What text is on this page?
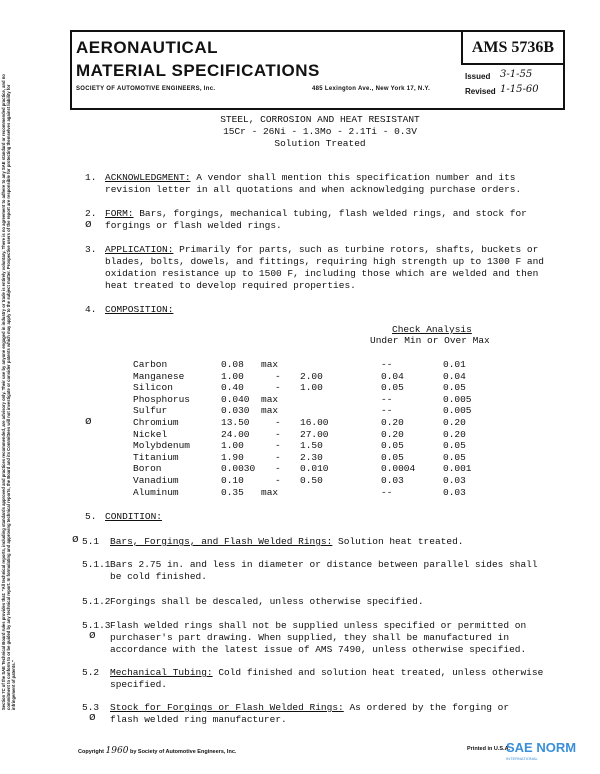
Section 7C of the SAE Technical Board rules provides that: "All technical reports, including standards approved and practices recommended, are advisory only. Their use by anyone engaged in industry or trade is entirely voluntary. There is no agreement to adhere to any SAE standard or recommended practice, and no commitment to conform to or be guided by any technical report. In formulating and approving technical reports, the Board and its Committees will not investigate or consider patents which may apply to the subject matter. Prospective users of the report are responsible for protecting themselves against liability for infringement of patents."
AERONAUTICAL
MATERIAL SPECIFICATIONS
AMS 5736B
SOCIETY OF AUTOMOTIVE ENGINEERS, Inc.	485 Lexington Ave., New York 17, N.Y.
Issued 3-1-55
Revised 1-15-60
STEEL, CORROSION AND HEAT RESISTANT
15Cr - 26Ni - 1.3Mo - 2.1Ti - 0.3V
Solution Treated
1. ACKNOWLEDGMENT: A vendor shall mention this specification number and its
revision letter in all quotations and when acknowledging purchase orders.
2.
ø
FORM: Bars, forgings, mechanical tubing, flash welded rings, and stock for
forgings or flash welded rings.
3. APPLICATION: Primarily for parts, such as turbine rotors, shafts, buckets or
blades, bolts, dowels, and fittings, requiring high strength up to 1300 F and
oxidation resistance up to 1500 F, including those which are welded and then
heat treated to develop required properties.
4. COMPOSITION:
Check Analysis
Under Min or Over Max
Carbon	0.08 max	--	0.01
Manganese	1.00	- 2.00	0.04	0.04
Silicon	0.40	- 1.00	0.05	0.05
Phosphorus	0.040 max	--	0.005
Sulfur	0.030 max	--	0.005
ø	Chromium	13.50	- 16.00	0.20	0.20
Nickel	24.00	- 27.00	0.20	0.20
Molybdenum	1.00	- 1.50	0.05	0.05
Titanium	1.90	- 2.30	0.05	0.05
Boron	0.0030 - 0.010	0.0004	0.001
Vanadium	0.10	- 0.50	0.03	0.03
Aluminum	0.35 max	--	0.03
5. CONDITION:
ø 5.1 Bars, Forgings, and Flash Welded Rings: Solution heat treated.
5.1.1 Bars 2.75 in. and less in diameter or distance between parallel sides shall
be cold finished.
5.1.2 Forgings shall be descaled, unless otherwise specified.
5.1.3
ø
Flash welded rings shall not be supplied unless specified or permitted on
purchaser's part drawing. When supplied, they shall be manufactured in
accordance with the latest issue of AMS 7490, unless otherwise specified.
5.2 Mechanical Tubing: Cold finished and solution heat treated, unless otherwise
specified.
5.3
ø
Stock for Forgings or Flash Welded Rings: As ordered by the forging or
flash welded ring manufacturer.
Copyright 1960 by Society of Automotive Engineers, Inc.	Printed in U.S.A.
SAE NORM
INTERNATIONAL
